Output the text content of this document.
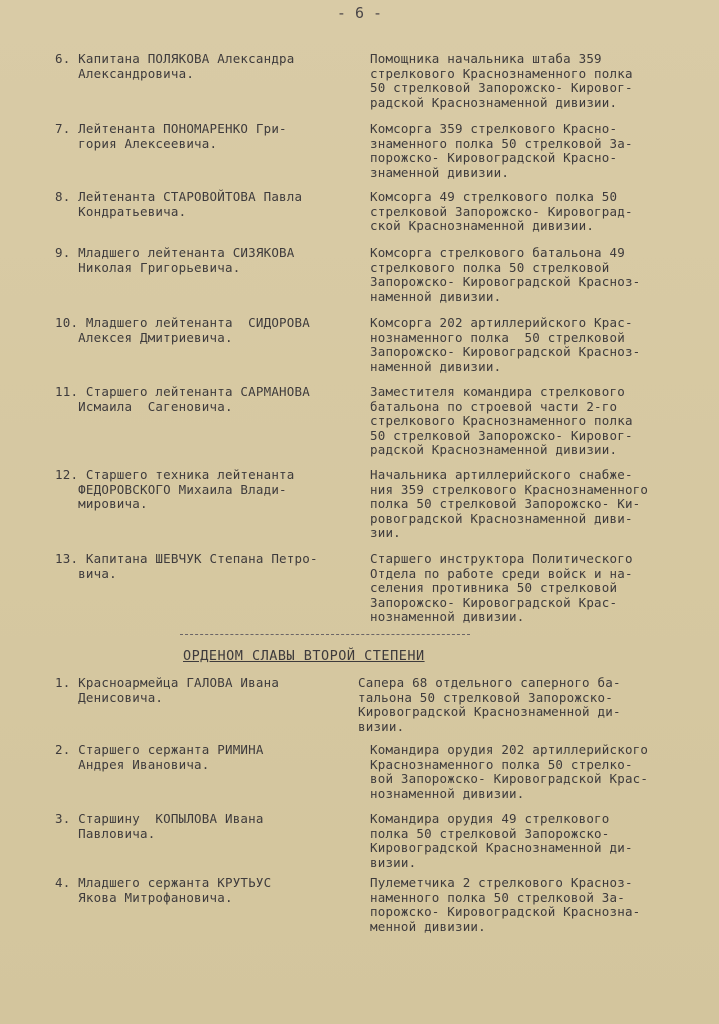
- 6 -
6. Капитана ПОЛЯКОВА Александра
Александровича.
Помощника начальника штаба 359
стрелкового Краснознаменного полка
50 стрелковой Запорожско- Кировог-
радской Краснознаменной дивизии.
7. Лейтенанта ПОНОМАРЕНКО Гри-
гория Алексеевича.
Комсорга 359 стрелкового Красно-
знаменного полка 50 стрелковой За-
порожско- Кировоградской Красно-
знаменной дивизии.
8. Лейтенанта СТАРОВОЙТОВА Павла
Кондратьевича.
Комсорга 49 стрелкового полка 50
стрелковой Запорожско- Кировоград-
ской Краснознаменной дивизии.
9. Младшего лейтенанта СИЗЯКОВА
Николая Григорьевича.
Комсорга стрелкового батальона 49
стрелкового полка 50 стрелковой
Запорожско- Кировоградской Красноз-
наменной дивизии.
10. Младшего лейтенанта  СИДОРОВА
Алексея Дмитриевича.
Комсорга 202 артиллерийского Крас-
нознаменного полка  50 стрелковой
Запорожско- Кировоградской Красноз-
наменной дивизии.
11. Старшего лейтенанта САРМАНОВА
Исмаила  Сагеновича.
Заместителя командира стрелкового
батальона по строевой части 2-го
стрелкового Краснознаменного полка
50 стрелковой Запорожско- Кировог-
радской Краснознаменной дивизии.
12. Старшего техника лейтенанта
ФЕДОРОВСКОГО Михаила Влади-
мировича.
Начальника артиллерийского снабже-
ния 359 стрелкового Краснознаменного
полка 50 стрелковой Запорожско- Ки-
ровоградской Краснознаменной диви-
зии.
13. Капитана ШЕВЧУК Степана Петро-
вича.
Старшего инструктора Политического
Отдела по работе среди войск и на-
селения противника 50 стрелковой
Запорожско- Кировоградской Крас-
нознаменной дивизии.
ОРДЕНОМ СЛАВЫ ВТОРОЙ СТЕПЕНИ
1. Красноармейца ГАЛОВА Ивана
Денисовича.
Сапера 68 отдельного саперного ба-
тальона 50 стрелковой Запорожско-
Кировоградской Краснознаменной ди-
визии.
2. Старшего сержанта РИМИНА
Андрея Ивановича.
Командира орудия 202 артиллерийского
Краснознаменного полка 50 стрелко-
вой Запорожско- Кировоградской Крас-
нознаменной дивизии.
3. Старшину  КОПЫЛОВА Ивана
Павловича.
Командира орудия 49 стрелкового
полка 50 стрелковой Запорожско-
Кировоградской Краснознаменной ди-
визии.
4. Младшего сержанта КРУТЬУС
Якова Митрофановича.
Пулеметчика 2 стрелкового Красноз-
наменного полка 50 стрелковой За-
порожско- Кировоградской Краснозна-
менной дивизии.
